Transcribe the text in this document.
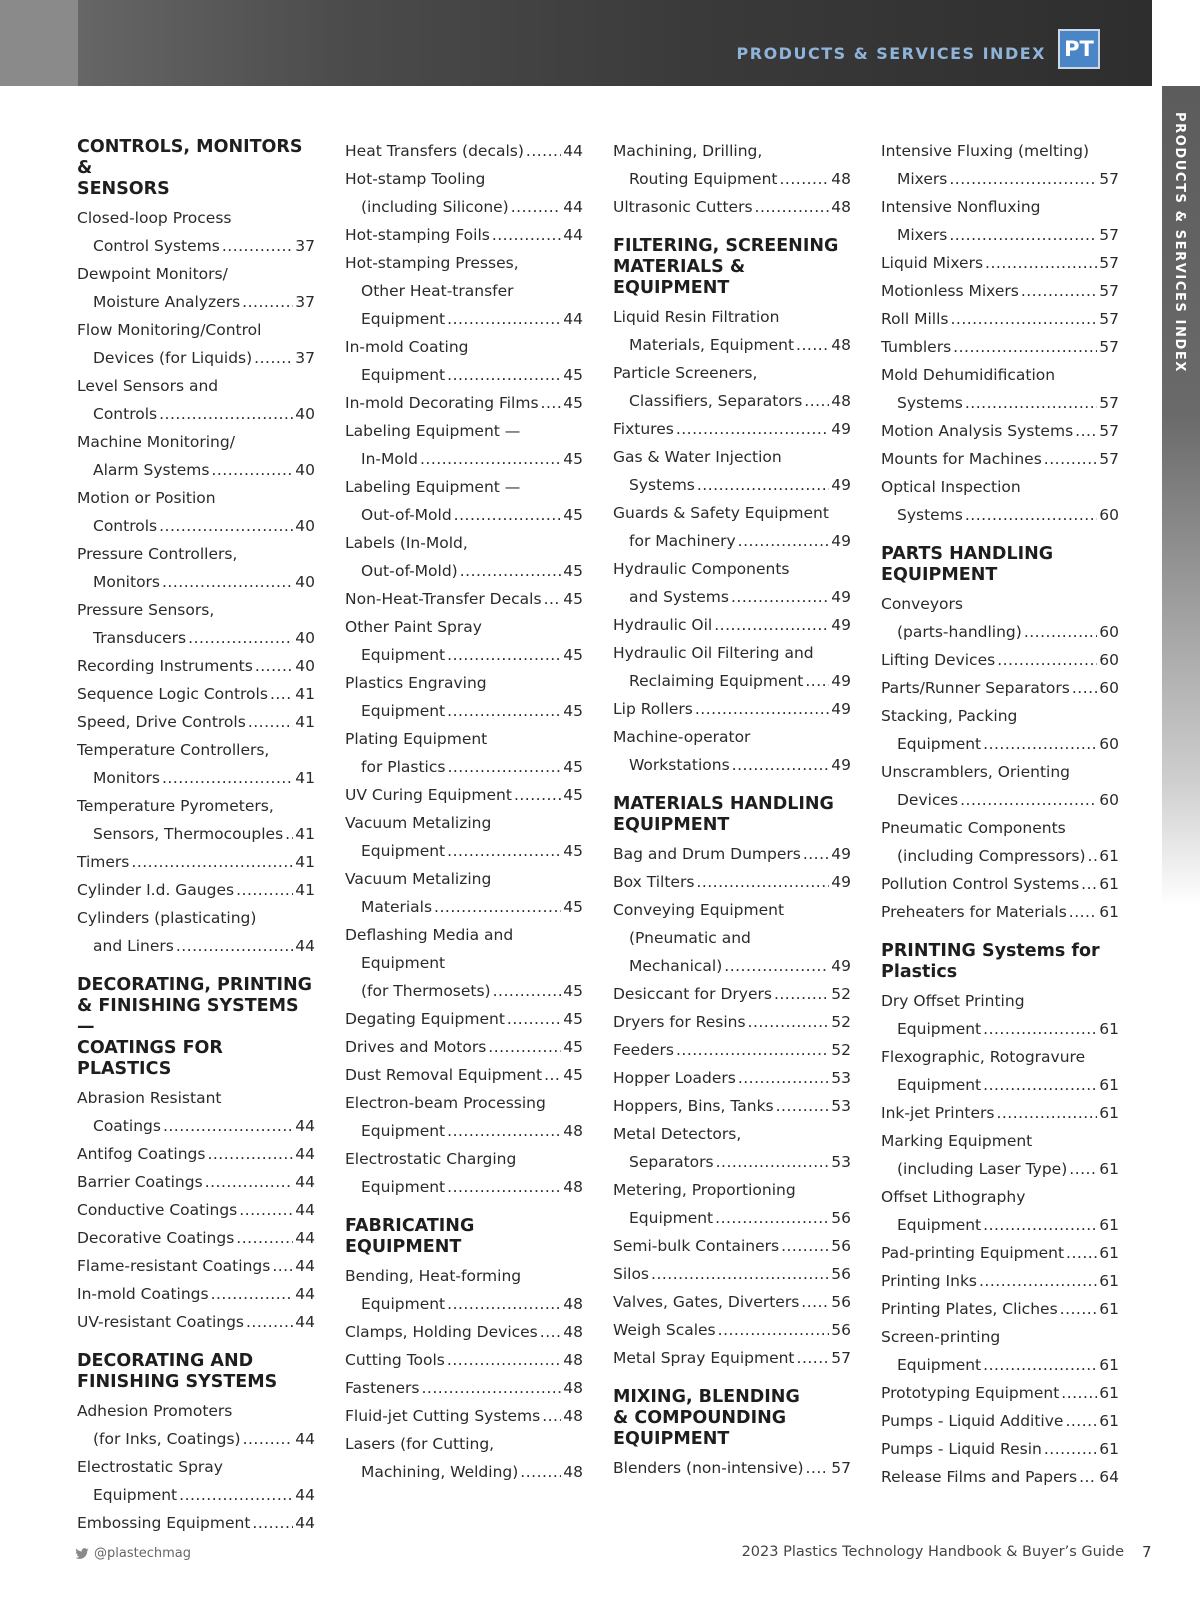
PRODUCTS & SERVICES INDEX PT
PRODUCTS & SERVICES INDEX
CONTROLS, MONITORS &
SENSORS
Closed-loop Process
Control Systems .....	37
Dewpoint Monitors/
Moisture Analyzers .....	37
Flow Monitoring/Control
Devices (for Liquids) .....	37
Level Sensors and
Controls .....	40
Machine Monitoring/
Alarm Systems .....	40
Motion or Position
Controls .....	40
Pressure Controllers,
Monitors .....	40
Pressure Sensors,
Transducers .....	40
Recording Instruments .....	40
Sequence Logic Controls ..... 41
Speed, Drive Controls .....	41
Temperature Controllers,
Monitors .....	41
Temperature Pyrometers,
Sensors, Thermocouples ..... 41
Timers .....	41
Cylinder I.d. Gauges .....	41
Cylinders (plasticating)
and Liners .....	44
DECORATING, PRINTING
& FINISHING SYSTEMS—
COATINGS FOR PLASTICS
Abrasion Resistant
Coatings .....	44
Antifog Coatings .....	44
Barrier Coatings .....	44
Conductive Coatings .....	44
Decorative Coatings .....	44
Flame-resistant Coatings ..... 44
In-mold Coatings .....	44
UV-resistant Coatings .....	44
DECORATING AND
FINISHING SYSTEMS
Adhesion Promoters
(for Inks, Coatings) .....	44
Electrostatic Spray
Equipment .....	44
Embossing Equipment .....	44
Heat Transfers (decals) .....	44
Hot-stamp Tooling
(including Silicone) .....	44
Hot-stamping Foils .....	44
Hot-stamping Presses,
Other Heat-transfer
Equipment .....	44
In-mold Coating
Equipment .....	45
In-mold Decorating Films ..... 45
Labeling Equipment —
In-Mold .....	45
Labeling Equipment —
Out-of-Mold .....	45
Labels (In-Mold,
Out-of-Mold) .....	45
Non-Heat-Transfer Decals ..... 45
Other Paint Spray
Equipment .....	45
Plastics Engraving
Equipment .....	45
Plating Equipment
for Plastics .....	45
UV Curing Equipment .....	45
Vacuum Metalizing
Equipment .....	45
Vacuum Metalizing
Materials .....	45
Deflashing Media and
Equipment
(for Thermosets) .....	45
Degating Equipment .....	45
Drives and Motors .....	45
Dust Removal Equipment ..... 45
Electron-beam Processing
Equipment .....	48
Electrostatic Charging
Equipment .....	48
FABRICATING EQUIPMENT
Bending, Heat-forming
Equipment .....	48
Clamps, Holding Devices ..... 48
Cutting Tools .....	48
Fasteners .....	48
Fluid-jet Cutting Systems ..... 48
Lasers (for Cutting,
Machining, Welding) .....	48
Machining, Drilling,
Routing Equipment .....	48
Ultrasonic Cutters .....	48
FILTERING, SCREENING
MATERIALS & EQUIPMENT
Liquid Resin Filtration
Materials, Equipment ..... 48
Particle Screeners,
Classifiers, Separators ..... 48
Fixtures .....	49
Gas & Water Injection
Systems .....	49
Guards & Safety Equipment
for Machinery .....	49
Hydraulic Components
and Systems .....	49
Hydraulic Oil .....	49
Hydraulic Oil Filtering and
Reclaiming Equipment ..... 49
Lip Rollers .....	49
Machine-operator
Workstations .....	49
MATERIALS HANDLING
EQUIPMENT
Bag and Drum Dumpers ..... 49
Box Tilters .....	49
Conveying Equipment
(Pneumatic and
Mechanical) .....	49
Desiccant for Dryers .....	52
Dryers for Resins .....	52
Feeders .....	52
Hopper Loaders .....	53
Hoppers, Bins, Tanks .....	53
Metal Detectors,
Separators .....	53
Metering, Proportioning
Equipment .....	56
Semi-bulk Containers .....	56
Silos .....	56
Valves, Gates, Diverters ..... 56
Weigh Scales .....	56
Metal Spray Equipment ..... 57
MIXING, BLENDING
& COMPOUNDING
EQUIPMENT
Blenders (non-intensive) ..... 57
Intensive Fluxing (melting)
Mixers .....	57
Intensive Nonfluxing
Mixers .....	57
Liquid Mixers .....	57
Motionless Mixers .....	57
Roll Mills .....	57
Tumblers .....	57
Mold Dehumidification
Systems .....	57
Motion Analysis Systems ..... 57
Mounts for Machines .....	57
Optical Inspection
Systems .....	60
PARTS HANDLING
EQUIPMENT
Conveyors
(parts-handling) .....	60
Lifting Devices .....	60
Parts/Runner Separators ..... 60
Stacking, Packing
Equipment .....	60
Unscramblers, Orienting
Devices .....	60
Pneumatic Components
(including Compressors) ..... 61
Pollution Control Systems ..... 61
Preheaters for Materials ..... 61
PRINTING Systems for
Plastics
Dry Offset Printing
Equipment .....	61
Flexographic, Rotogravure
Equipment .....	61
Ink-jet Printers .....	61
Marking Equipment
(including Laser Type) ..... 61
Offset Lithography
Equipment .....	61
Pad-printing Equipment ..... 61
Printing Inks .....	61
Printing Plates, Cliches .....	61
Screen-printing
Equipment .....	61
Prototyping Equipment .....	61
Pumps - Liquid Additive ..... 61
Pumps - Liquid Resin .....	61
Release Films and Papers ..... 64
@plastechmag	2023 Plastics Technology Handbook & Buyer’s Guide 7
